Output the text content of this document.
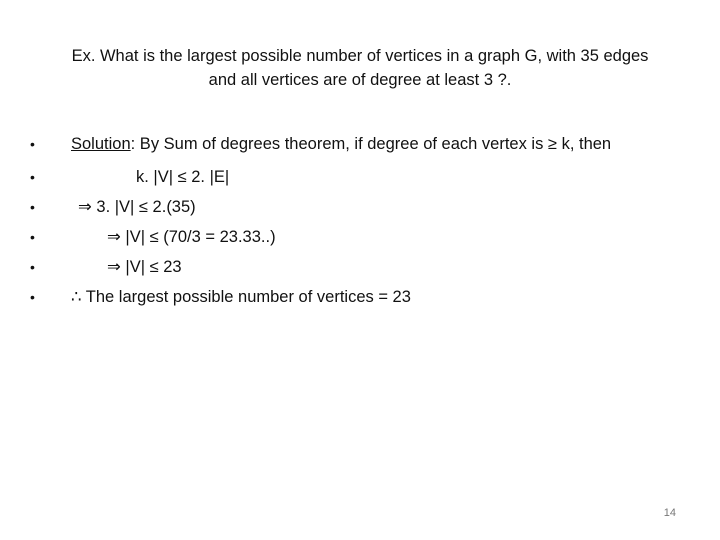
Ex. What is the largest possible number of vertices in a graph G, with 35 edges
and all vertices are of degree at least 3 ?.
• Solution: By Sum of degrees theorem, if degree of each vertex is ≥ k, then
•	k. |V| ≤ 2. |E|
•	⇒ 3. |V| ≤ 2.(35)
•	⇒ |V| ≤ (70/3 = 23.33..)
•	⇒ |V| ≤ 23
• ∴ The largest possible number of vertices = 23
14
